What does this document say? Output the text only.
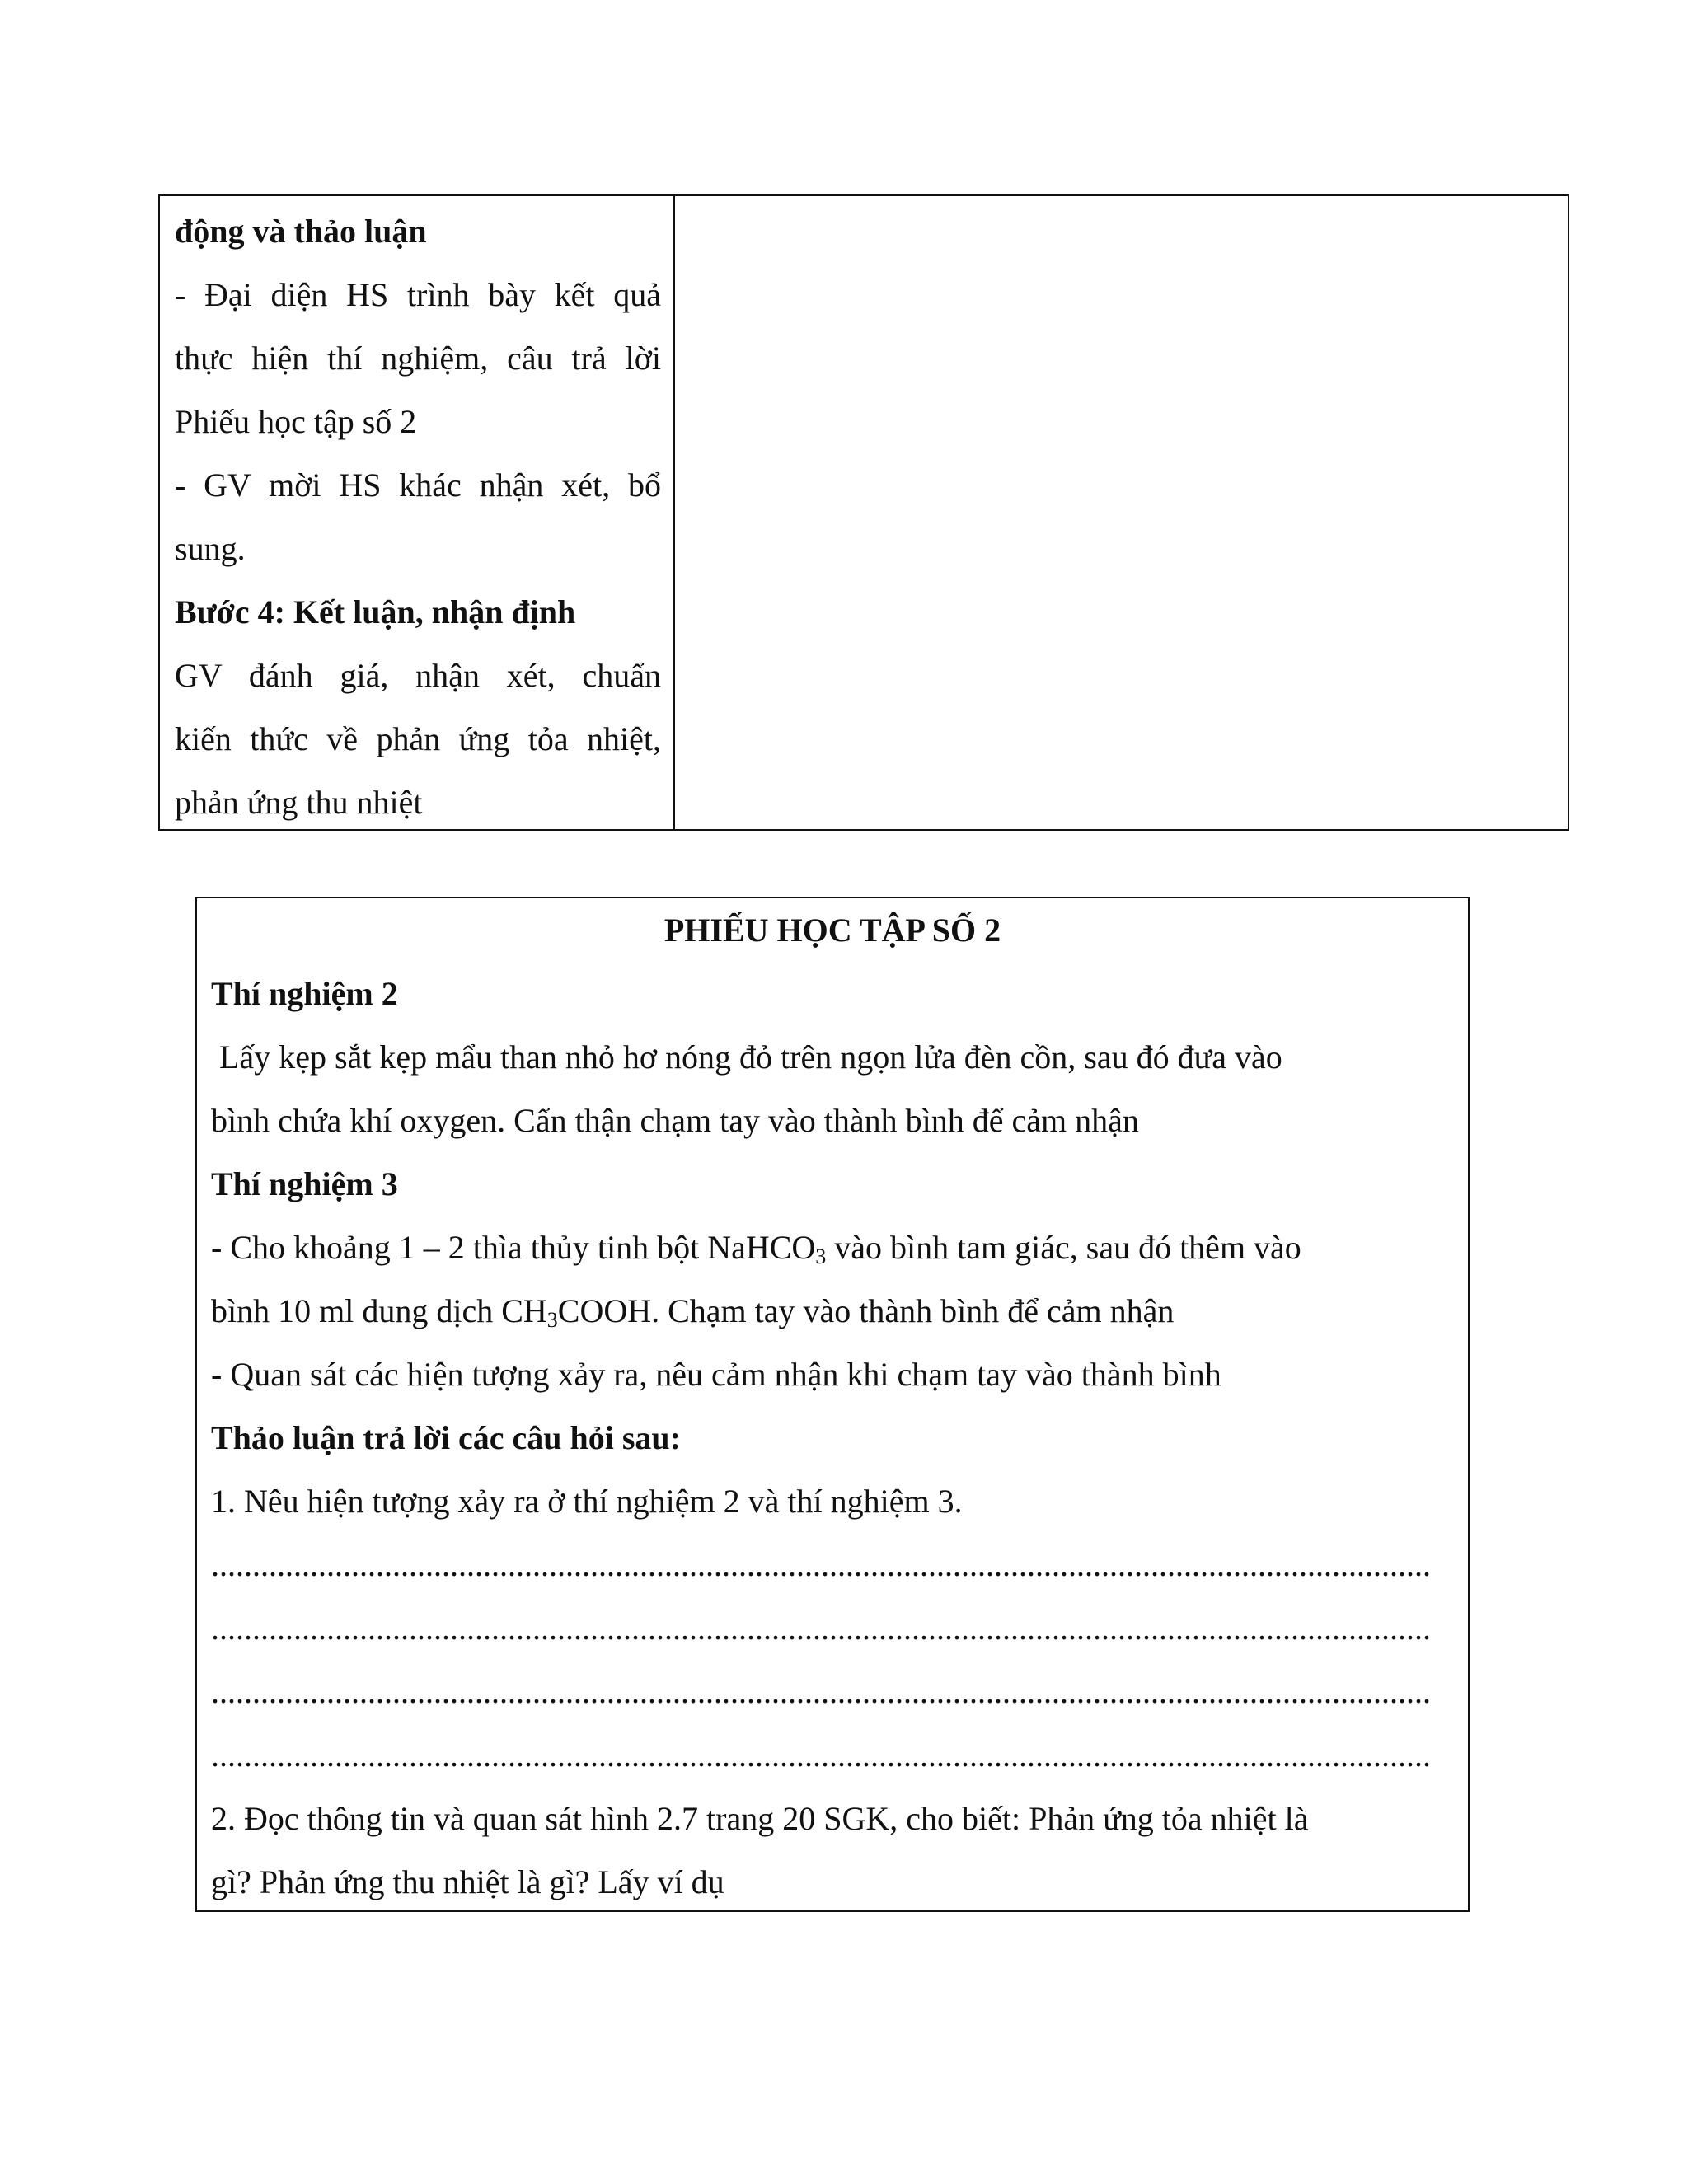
động và thảo luận
- Đại diện HS trình bày kết quả
thực hiện thí nghiệm, câu trả lời
Phiếu học tập số 2
- GV mời HS khác nhận xét, bổ
sung.
Bước 4: Kết luận, nhận định
GV đánh giá, nhận xét, chuẩn
kiến thức về phản ứng tỏa nhiệt,
phản ứng thu nhiệt
PHIẾU HỌC TẬP SỐ 2
Thí nghiệm 2
Lấy kẹp sắt kẹp mẩu than nhỏ hơ nóng đỏ trên ngọn lửa đèn cồn, sau đó đưa vào
bình chứa khí oxygen. Cẩn thận chạm tay vào thành bình để cảm nhận
Thí nghiệm 3
- Cho khoảng 1 – 2 thìa thủy tinh bột NaHCO$_3$ vào bình tam giác, sau đó thêm vào
bình 10 ml dung dịch $CH_3COOH$. Chạm tay vào thành bình để cảm nhận
- Quan sát các hiện tượng xảy ra, nêu cảm nhận khi chạm tay vào thành bình
Thảo luận trả lời các câu hỏi sau:
1. Nêu hiện tượng xảy ra ở thí nghiệm 2 và thí nghiệm 3.
....................................................................................................................................................
....................................................................................................................................................
....................................................................................................................................................
....................................................................................................................................................
2. Đọc thông tin và quan sát hình 2.7 trang 20 SGK, cho biết: Phản ứng tỏa nhiệt là
gì? Phản ứng thu nhiệt là gì? Lấy ví dụ
